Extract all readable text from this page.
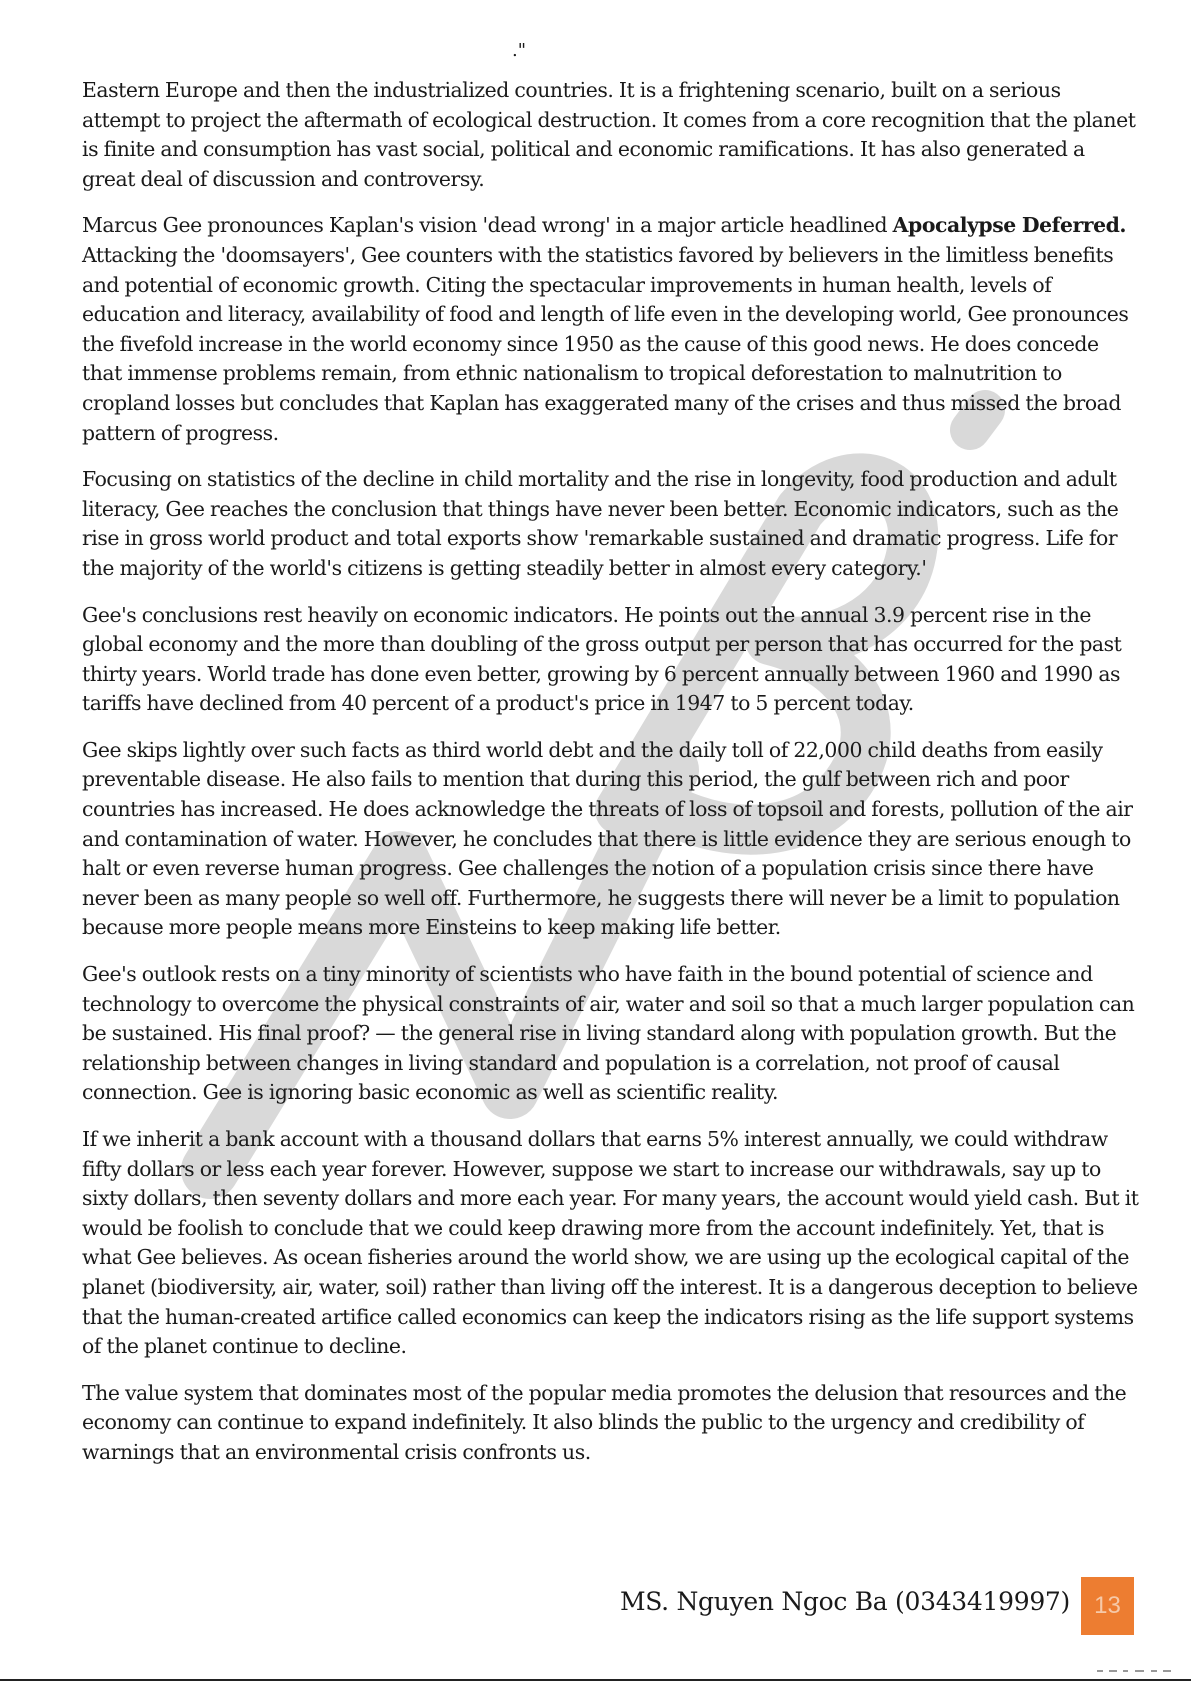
."

Eastern Europe and then the industrialized countries. It is a frightening scenario, built on a serious attempt to project the aftermath of ecological destruction. It comes from a core recognition that the planet is finite and consumption has vast social, political and economic ramifications. It has also generated a great deal of discussion and controversy.

Marcus Gee pronounces Kaplan's vision 'dead wrong' in a major article headlined Apocalypse Deferred. Attacking the 'doomsayers', Gee counters with the statistics favored by believers in the limitless benefits and potential of economic growth. Citing the spectacular improvements in human health, levels of education and literacy, availability of food and length of life even in the developing world, Gee pronounces the fivefold increase in the world economy since 1950 as the cause of this good news. He does concede that immense problems remain, from ethnic nationalism to tropical deforestation to malnutrition to cropland losses but concludes that Kaplan has exaggerated many of the crises and thus missed the broad pattern of progress.

Focusing on statistics of the decline in child mortality and the rise in longevity, food production and adult literacy, Gee reaches the conclusion that things have never been better. Economic indicators, such as the rise in gross world product and total exports show 'remarkable sustained and dramatic progress. Life for the majority of the world's citizens is getting steadily better in almost every category.'

Gee's conclusions rest heavily on economic indicators. He points out the annual 3.9 percent rise in the global economy and the more than doubling of the gross output per person that has occurred for the past thirty years. World trade has done even better, growing by 6 percent annually between 1960 and 1990 as tariffs have declined from 40 percent of a product's price in 1947 to 5 percent today.

Gee skips lightly over such facts as third world debt and the daily toll of 22,000 child deaths from easily preventable disease. He also fails to mention that during this period, the gulf between rich and poor countries has increased. He does acknowledge the threats of loss of topsoil and forests, pollution of the air and contamination of water. However, he concludes that there is little evidence they are serious enough to halt or even reverse human progress. Gee challenges the notion of a population crisis since there have never been as many people so well off. Furthermore, he suggests there will never be a limit to population because more people means more Einsteins to keep making life better.

Gee's outlook rests on a tiny minority of scientists who have faith in the bound potential of science and technology to overcome the physical constraints of air, water and soil so that a much larger population can be sustained. His final proof? — the general rise in living standard along with population growth. But the relationship between changes in living standard and population is a correlation, not proof of causal connection. Gee is ignoring basic economic as well as scientific reality.

If we inherit a bank account with a thousand dollars that earns 5% interest annually, we could withdraw fifty dollars or less each year forever. However, suppose we start to increase our withdrawals, say up to sixty dollars, then seventy dollars and more each year. For many years, the account would yield cash. But it would be foolish to conclude that we could keep drawing more from the account indefinitely. Yet, that is what Gee believes. As ocean fisheries around the world show, we are using up the ecological capital of the planet (biodiversity, air, water, soil) rather than living off the interest. It is a dangerous deception to believe that the human-created artifice called economics can keep the indicators rising as the life support systems of the planet continue to decline.

The value system that dominates most of the popular media promotes the delusion that resources and the economy can continue to expand indefinitely. It also blinds the public to the urgency and credibility of warnings that an environmental crisis confronts us.

MS. Nguyen Ngoc Ba (0343419997)	13
